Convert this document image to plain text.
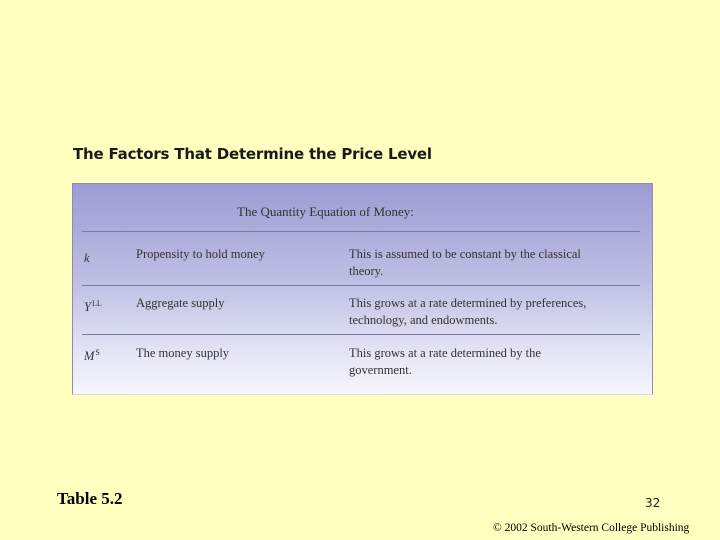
The Factors That Determine the Price Level
The Quantity Equation of Money:
k	Propensity to hold money	This is assumed to be constant by the classical
theory.
$Y^{LL}$	Aggregate supply	This grows at a rate determined by preferences,
technology, and endowments.
$M^S$	The money supply	This grows at a rate determined by the
government.
Table 5.2	32
© 2002 South-Western College Publishing
